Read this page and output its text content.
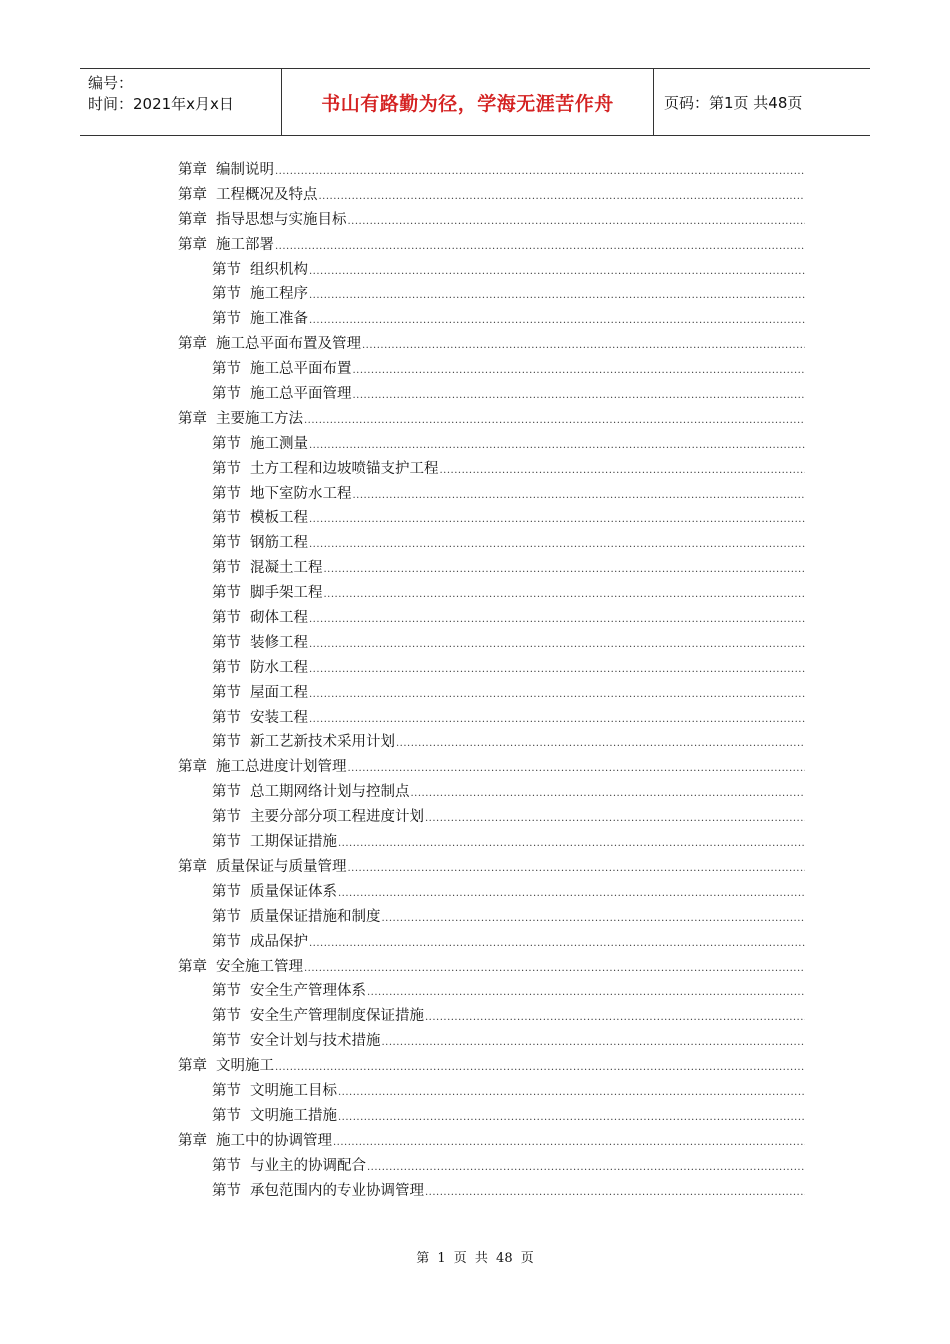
编号：
时间：2021年x月x日	书山有路勤为径，学海无涯苦作舟	页码：第1页 共48页
第章 编制说明
.....
第章 工程概况及特点
.....
第章 指导思想与实施目标
.....
第章 施工部署
.....
第节 组织机构
.....
第节 施工程序
.....
第节 施工准备
.....
第章 施工总平面布置及管理
.....
第节 施工总平面布置
.....
第节 施工总平面管理
.....
第章 主要施工方法
.....
第节 施工测量
.....
第节 土方工程和边坡喷锚支护工程
.....
第节 地下室防水工程
.....
第节 模板工程
.....
第节 钢筋工程
.....
第节 混凝土工程
.....
第节 脚手架工程
.....
第节 砌体工程
.....
第节 装修工程
.....
第节 防水工程
.....
第节 屋面工程
.....
第节 安装工程
.....
第节 新工艺新技术采用计划
.....
第章 施工总进度计划管理
.....
第节 总工期网络计划与控制点
.....
第节 主要分部分项工程进度计划
.....
第节 工期保证措施
.....
第章 质量保证与质量管理
.....
第节 质量保证体系
.....
第节 质量保证措施和制度
.....
第节 成品保护
.....
第章 安全施工管理
.....
第节 安全生产管理体系
.....
第节 安全生产管理制度保证措施
.....
第节 安全计划与技术措施
.....
第章 文明施工
.....
第节 文明施工目标
.....
第节 文明施工措施
.....
第章 施工中的协调管理
.....
第节 与业主的协调配合
.....
第节 承包范围内的专业协调管理
.....
第 1 页 共 48 页
